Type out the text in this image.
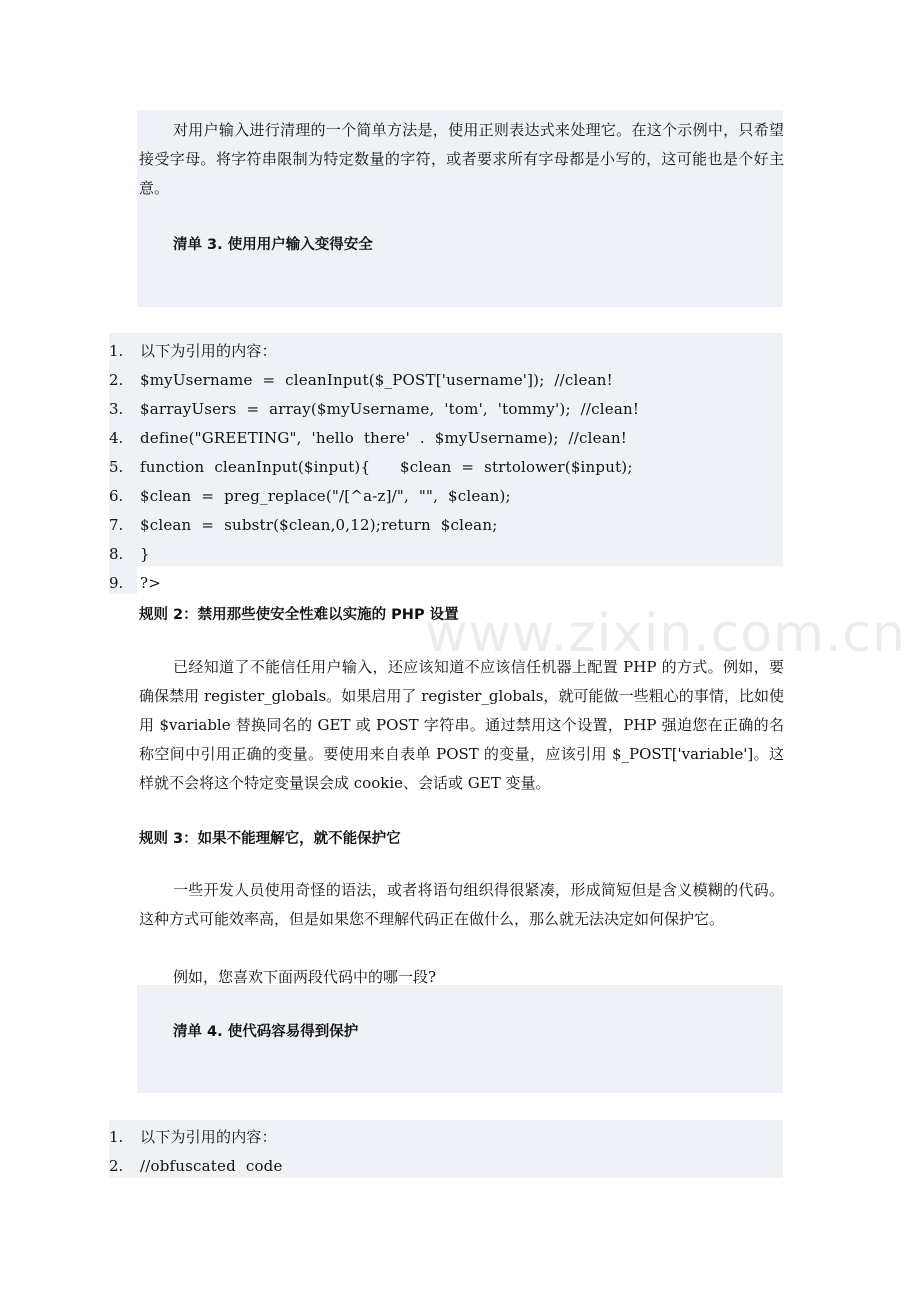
对用户输入进行清理的一个简单方法是，使用正则表达式来处理它。在这个示例中，只希望接受字母。将字符串限制为特定数量的字符，或者要求所有字母都是小写的，这可能也是个好主意。
清单 3. 使用用户输入变得安全
1.	以下为引用的内容：
2.	$myUsername  =  cleanInput($_POST['username']);  //clean!
3.	$arrayUsers  =  array($myUsername,  'tom',  'tommy');  //clean!
4.	define("GREETING",  'hello  there'  .  $myUsername);  //clean!
5.	function  cleanInput($input){      $clean  =  strtolower($input);
6.	$clean  =  preg_replace("/[^a-z]/",  "",  $clean);
7.	$clean  =  substr($clean,0,12);return  $clean;
8.	}
9.	?>
www.zixin.com.cn
规则 2：禁用那些使安全性难以实施的 PHP 设置
已经知道了不能信任用户输入，还应该知道不应该信任机器上配置 PHP 的方式。例如，要确保禁用 register_globals。如果启用了 register_globals，就可能做一些粗心的事情，比如使用 $variable 替换同名的 GET 或 POST 字符串。通过禁用这个设置，PHP 强迫您在正确的名称空间中引用正确的变量。要使用来自表单 POST 的变量，应该引用 $_POST['variable']。这样就不会将这个特定变量误会成 cookie、会话或 GET 变量。
规则 3：如果不能理解它，就不能保护它
一些开发人员使用奇怪的语法，或者将语句组织得很紧凑，形成简短但是含义模糊的代码。这种方式可能效率高，但是如果您不理解代码正在做什么，那么就无法决定如何保护它。
例如，您喜欢下面两段代码中的哪一段?
清单 4. 使代码容易得到保护
1.	以下为引用的内容：
2.	//obfuscated  code
